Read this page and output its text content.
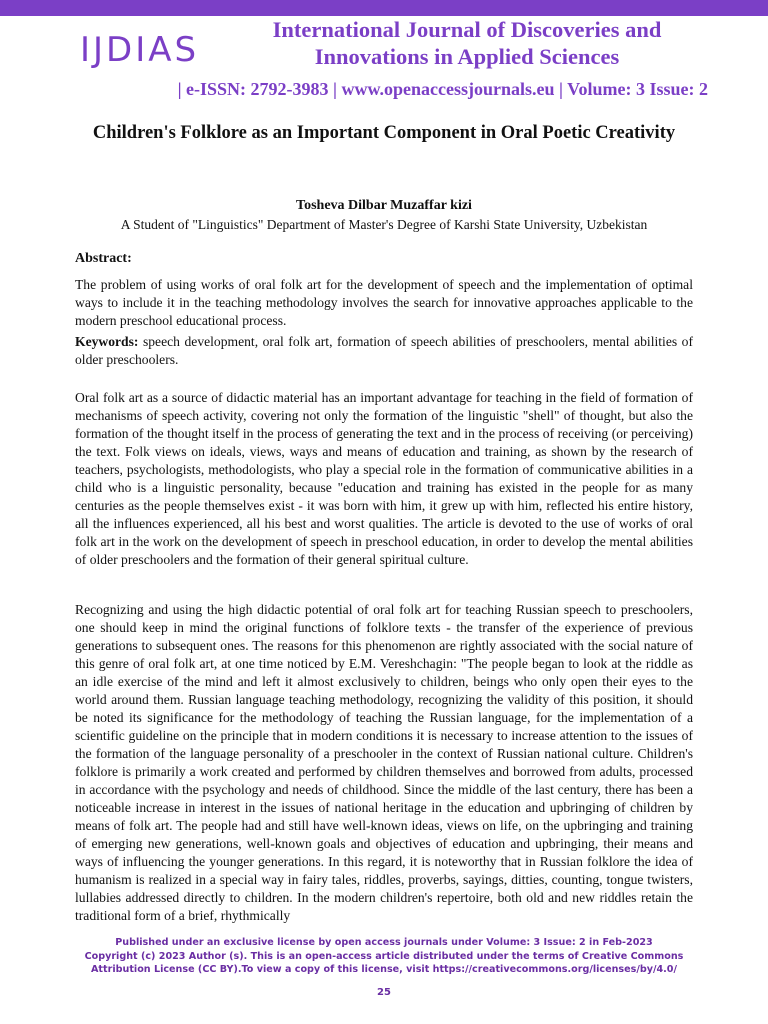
IJDIAS
International Journal of Discoveries and Innovations in Applied Sciences
| e-ISSN: 2792-3983 | www.openaccessjournals.eu | Volume: 3 Issue: 2
Children's Folklore as an Important Component in Oral Poetic Creativity
Tosheva Dilbar Muzaffar kizi
A Student of "Linguistics" Department of Master's Degree of Karshi State University, Uzbekistan
Abstract:

The problem of using works of oral folk art for the development of speech and the implementation of optimal ways to include it in the teaching methodology involves the search for innovative approaches applicable to the modern preschool educational process.

Keywords: speech development, oral folk art, formation of speech abilities of preschoolers, mental abilities of older preschoolers.

Oral folk art as a source of didactic material has an important advantage for teaching in the field of formation of mechanisms of speech activity, covering not only the formation of the linguistic "shell" of thought, but also the formation of the thought itself in the process of generating the text and in the process of receiving (or perceiving) the text. Folk views on ideals, views, ways and means of education and training, as shown by the research of teachers, psychologists, methodologists, who play a special role in the formation of communicative abilities in a child who is a linguistic personality, because "education and training has existed in the people for as many centuries as the people themselves exist - it was born with him, it grew up with him, reflected his entire history, all the influences experienced, all his best and worst qualities. The article is devoted to the use of works of oral folk art in the work on the development of speech in preschool education, in order to develop the mental abilities of older preschoolers and the formation of their general spiritual culture.

Recognizing and using the high didactic potential of oral folk art for teaching Russian speech to preschoolers, one should keep in mind the original functions of folklore texts - the transfer of the experience of previous generations to subsequent ones. The reasons for this phenomenon are rightly associated with the social nature of this genre of oral folk art, at one time noticed by E.M. Vereshchagin: "The people began to look at the riddle as an idle exercise of the mind and left it almost exclusively to children, beings who only open their eyes to the world around them. Russian language teaching methodology, recognizing the validity of this position, it should be noted its significance for the methodology of teaching the Russian language, for the implementation of a scientific guideline on the principle that in modern conditions it is necessary to increase attention to the issues of the formation of the language personality of a preschooler in the context of Russian national culture. Children's folklore is primarily a work created and performed by children themselves and borrowed from adults, processed in accordance with the psychology and needs of childhood. Since the middle of the last century, there has been a noticeable increase in interest in the issues of national heritage in the education and upbringing of children by means of folk art. The people had and still have well-known ideas, views on life, on the upbringing and training of emerging new generations, well-known goals and objectives of education and upbringing, their means and ways of influencing the younger generations. In this regard, it is noteworthy that in Russian folklore the idea of humanism is realized in a special way in fairy tales, riddles, proverbs, sayings, ditties, counting, tongue twisters, lullabies addressed directly to children. In the modern children's repertoire, both old and new riddles retain the traditional form of a brief, rhythmically

Published under an exclusive license by open access journals under Volume: 3 Issue: 2 in Feb-2023
Copyright (c) 2023 Author (s). This is an open-access article distributed under the terms of Creative Commons
Attribution License (CC BY).To view a copy of this license, visit https://creativecommons.org/licenses/by/4.0/
25
